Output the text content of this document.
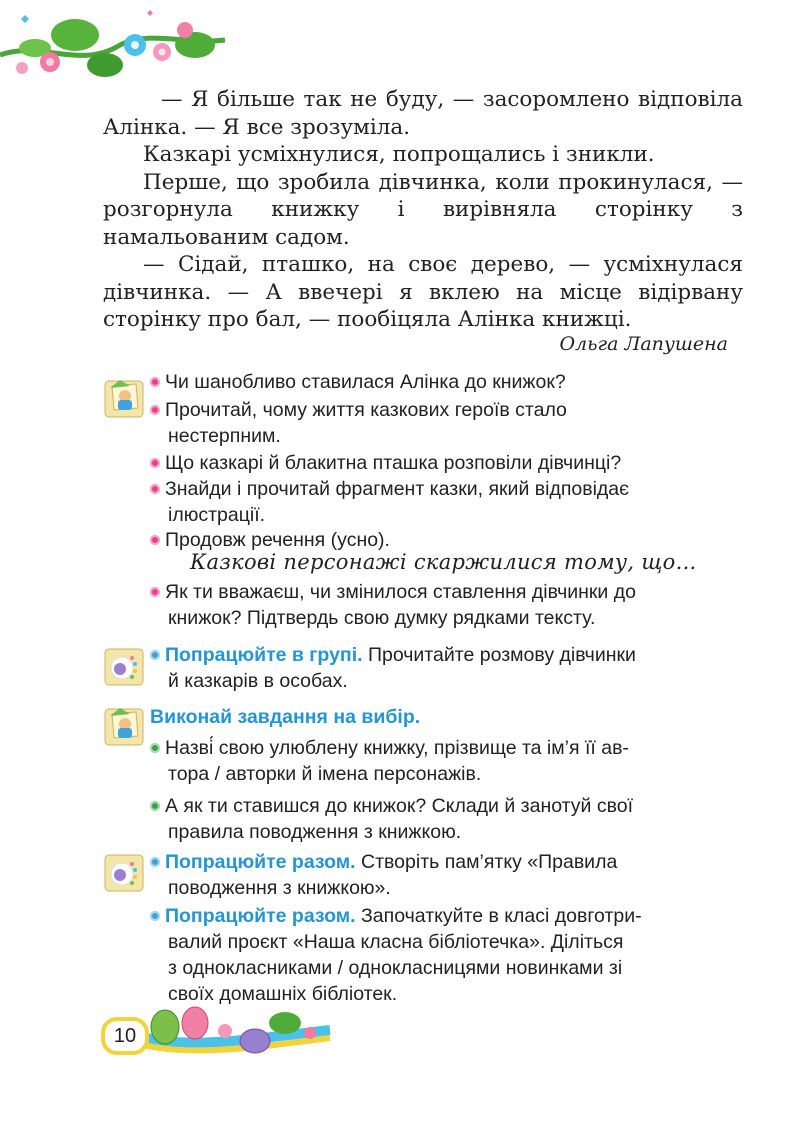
— Я більше так не буду, — засоромлено відповіла Алінка. — Я все зрозуміла.

Казкарі усміхнулися, попрощались і зникли.

Перше, що зробила дівчинка, коли прокинулася, — розгорнула книжку і вирівняла сторінку з намальованим садом.

— Сідай, пташко, на своє дерево, — усміхнулася дівчинка. — А ввечері я вклею на місце відірвану сторінку про бал, — пообіцяла Алінка книжці.

Ольга Лапушена
Чи шанобливо ставилася Алінка до книжок?
Прочитай, чому життя казкових героїв стало
нестерпним.
Що казкарі й блакитна пташка розповіли дівчинці?
Знайди і прочитай фрагмент казки, який відповідає
ілюстрації.
Продовж речення (усно).
Казкові персонажі скаржилися тому, що...
Як ти вважаєш, чи змінилося ставлення дівчинки до
книжок? Підтвердь свою думку рядками тексту.
Попрацюйте в групі. Прочитайте розмову дівчинки
й казкарів в особах.
Виконай завдання на вибір.
Назві́ свою улюблену книжку, прізвище та ім’я її ав-
тора / авторки й імена персонажів.
А як ти ставишся до книжок? Склади й занотуй свої
правила поводження з книжкою.
Попрацюйте разом. Створіть пам’ятку «Правила
поводження з книжкою».
Попрацюйте разом. Започаткуйте в класі довготри-
валий проєкт «Наша класна бібліотечка». Діліться
з однокласниками / однокласницями новинками зі
своїх домашніх бібліотек.
10
